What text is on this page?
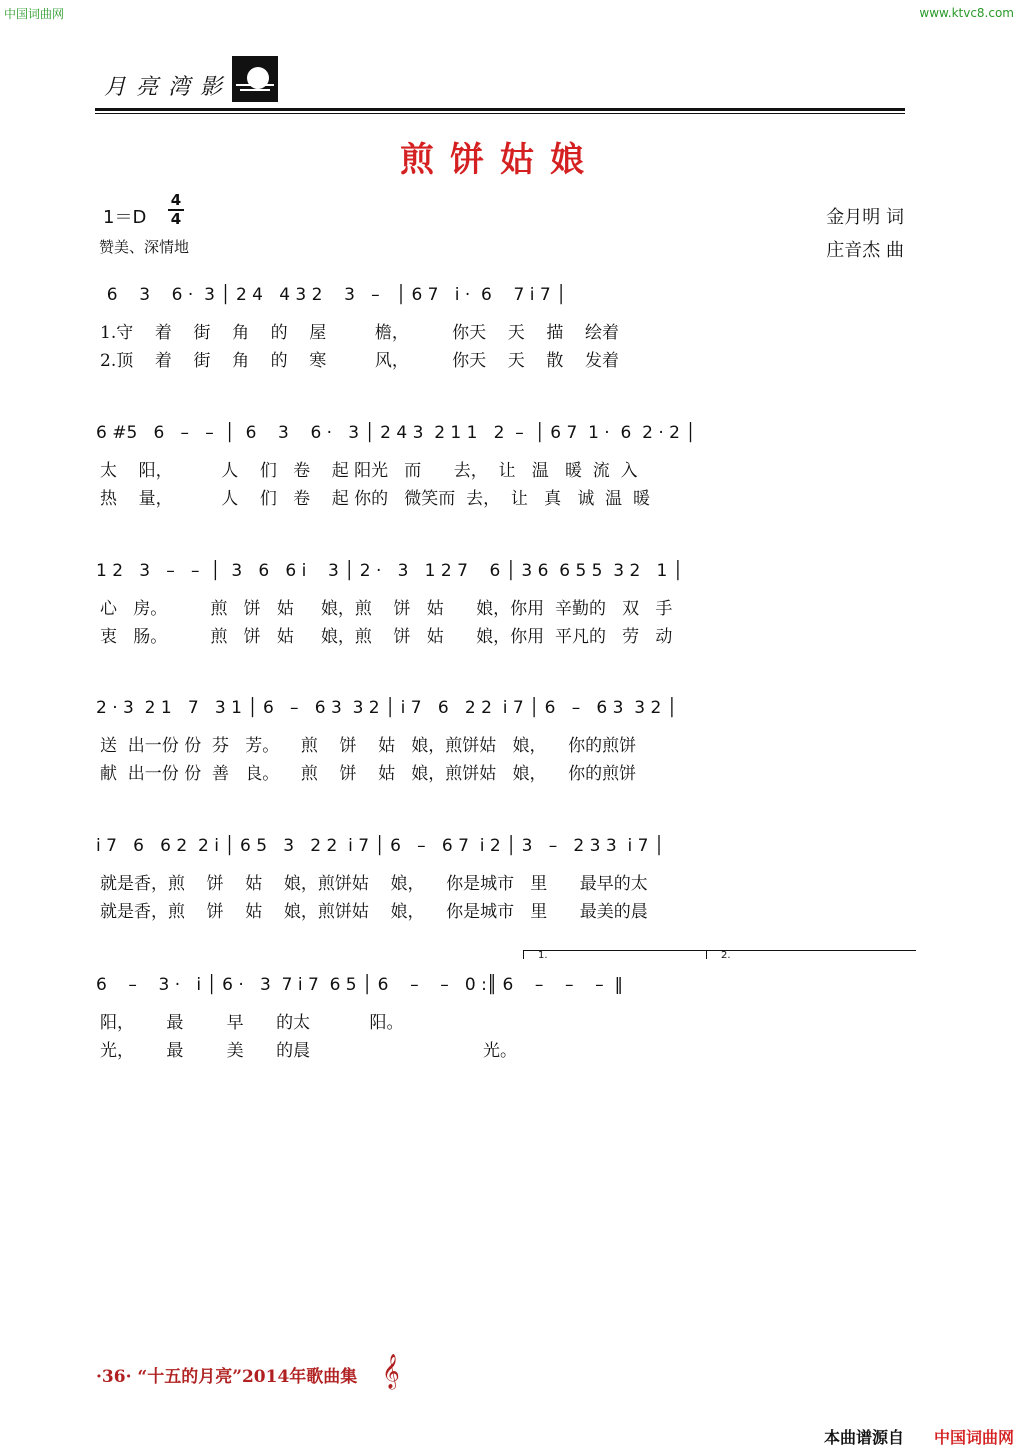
中国词曲网	www.ktvc8.com
月亮湾影
煎饼姑娘
1＝D
4
4
赞美、深情地
金月明 词
庄音杰 曲
6    3    6 ·  3 │ 2 4   4 3 2    3   –   │ 6 7   i ·  6    7 i 7 │
1.守    着    街    角    的    屋         檐，        你天    天    描    绘着
2.顶    着    街    角    的    寒         风，        你天    天    散    发着
6 #5   6   –   –  │  6    3    6 ·   3 │ 2 4 3  2 1 1   2  –  │ 6 7  1 ·  6  2 · 2 │
太    阳，         人    们   卷    起 阳光   而      去，  让   温   暖  流  入
热    量，         人    们   卷    起 你的   微笑而  去，  让   真   诚  温  暖
1 2   3   –   –  │  3   6   6 i    3 │ 2 ·   3   1 2 7    6 │ 3 6  6 5 5  3 2   1 │
心   房。        煎   饼   姑     娘，煎    饼   姑      娘，你用  辛勤的   双   手
衷   肠。        煎   饼   姑     娘，煎    饼   姑      娘，你用  平凡的   劳   动
2 · 3  2 1   7   3 1 │ 6   –   6 3  3 2 │ i 7   6   2 2  i 7 │ 6   –   6 3  3 2 │
送  出一份 份  芬   芳。    煎    饼    姑   娘，煎饼姑   娘，    你的煎饼
献  出一份 份  善   良。    煎    饼    姑   娘，煎饼姑   娘，    你的煎饼
i 7   6   6 2  2 i │ 6 5   3   2 2  i 7 │ 6   –   6 7  i 2 │ 3   –   2 3 3  i 7 │
就是香，煎    饼    姑    娘，煎饼姑    娘，    你是城市   里      最早的太
就是香，煎    饼    姑    娘，煎饼姑    娘，    你是城市   里      最美的晨
1.	2.
6    –    3 ·   i │ 6 ·   3  7 i 7  6 5 │ 6    –    –   0 :║ 6    –    –    –  ‖
阳，      最        早      的太           阳。
光，      最        美      的晨                                光。
·36· “十五的月亮”2014年歌曲集 𝄞
本曲谱源自 中国词曲网
